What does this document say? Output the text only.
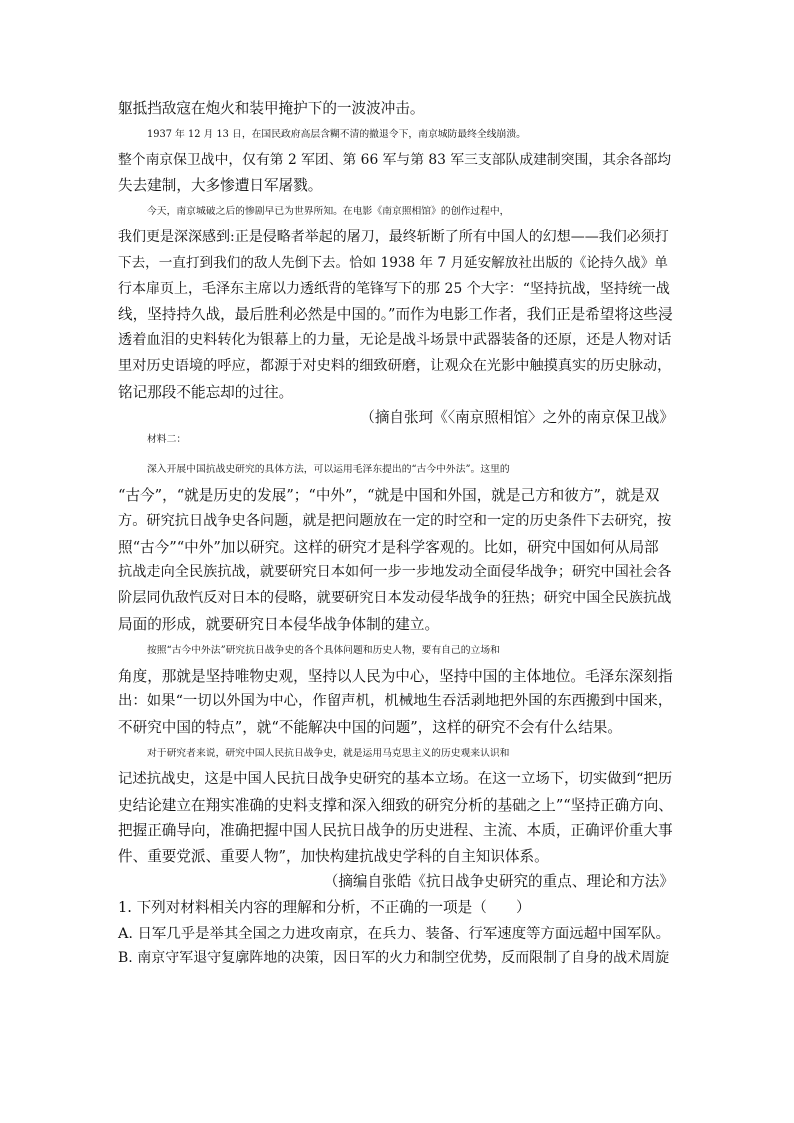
躯抵挡敌寇在炮火和装甲掩护下的一波波冲击。
1937 年 12 月 13 日，在国民政府高层含糊不清的撤退令下，南京城防最终全线崩溃。
整个南京保卫战中，仅有第 2 军团、第 66 军与第 83 军三支部队成建制突围，其余各部均
失去建制，大多惨遭日军屠戮。
今天，南京城破之后的惨剧早已为世界所知。在电影《南京照相馆》的创作过程中，
我们更是深深感到:正是侵略者举起的屠刀，最终斩断了所有中国人的幻想——我们必须打
下去，一直打到我们的敌人先倒下去。恰如 1938 年 7 月延安解放社出版的《论持久战》单
行本扉页上，毛泽东主席以力透纸背的笔锋写下的那 25 个大字：“坚持抗战，坚持统一战
线，坚持持久战，最后胜利必然是中国的。”而作为电影工作者，我们正是希望将这些浸
透着血泪的史料转化为银幕上的力量，无论是战斗场景中武器装备的还原，还是人物对话
里对历史语境的呼应，都源于对史料的细致研磨，让观众在光影中触摸真实的历史脉动，
铭记那段不能忘却的过往。
（摘自张珂《〈南京照相馆〉之外的南京保卫战》
材料二：
深入开展中国抗战史研究的具体方法，可以运用毛泽东提出的“古今中外法”。这里的
“古今”，“就是历史的发展”；“中外”，“就是中国和外国，就是己方和彼方”，就是双
方。研究抗日战争史各问题，就是把问题放在一定的时空和一定的历史条件下去研究，按
照“古今”“中外”加以研究。这样的研究才是科学客观的。比如，研究中国如何从局部
抗战走向全民族抗战，就要研究日本如何一步一步地发动全面侵华战争；研究中国社会各
阶层同仇敌忾反对日本的侵略，就要研究日本发动侵华战争的狂热；研究中国全民族抗战
局面的形成，就要研究日本侵华战争体制的建立。
按照“古今中外法”研究抗日战争史的各个具体问题和历史人物，要有自己的立场和
角度，那就是坚持唯物史观，坚持以人民为中心，坚持中国的主体地位。毛泽东深刻指
出：如果“一切以外国为中心，作留声机，机械地生吞活剥地把外国的东西搬到中国来，
不研究中国的特点”，就“不能解决中国的问题”，这样的研究不会有什么结果。
对于研究者来说，研究中国人民抗日战争史，就是运用马克思主义的历史观来认识和
记述抗战史，这是中国人民抗日战争史研究的基本立场。在这一立场下，切实做到“把历
史结论建立在翔实准确的史料支撑和深入细致的研究分析的基础之上”“坚持正确方向、
把握正确导向，准确把握中国人民抗日战争的历史进程、主流、本质，正确评价重大事
件、重要党派、重要人物”，加快构建抗战史学科的自主知识体系。
（摘编自张皓《抗日战争史研究的重点、理论和方法》
1. 下列对材料相关内容的理解和分析，不正确的一项是（　　）
A. 日军几乎是举其全国之力进攻南京，在兵力、装备、行军速度等方面远超中国军队。
B. 南京守军退守复廓阵地的决策，因日军的火力和制空优势，反而限制了自身的战术周旋
